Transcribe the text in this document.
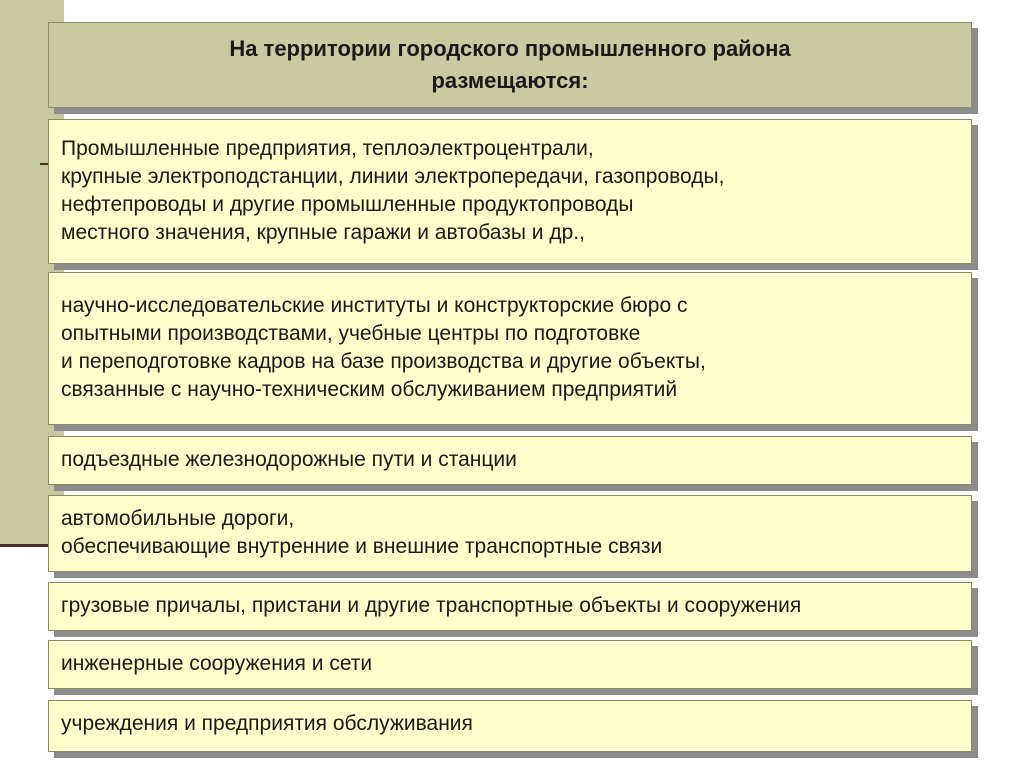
На территории городского промышленного района
размещаются:
Промышленные предприятия, теплоэлектроцентрали,
крупные электроподстанции, линии электропередачи, газопроводы,
нефтепроводы и другие промышленные продуктопроводы
местного значения, крупные гаражи и автобазы и др.,
научно-исследовательские институты и конструкторские бюро с
опытными производствами, учебные центры по подготовке
и переподготовке кадров на базе производства и другие объекты,
связанные с научно-техническим обслуживанием предприятий
подъездные железнодорожные пути и станции
автомобильные дороги,
обеспечивающие внутренние и внешние транспортные связи
грузовые причалы, пристани и другие транспортные объекты и сооружения
инженерные сооружения и сети
учреждения и предприятия обслуживания
